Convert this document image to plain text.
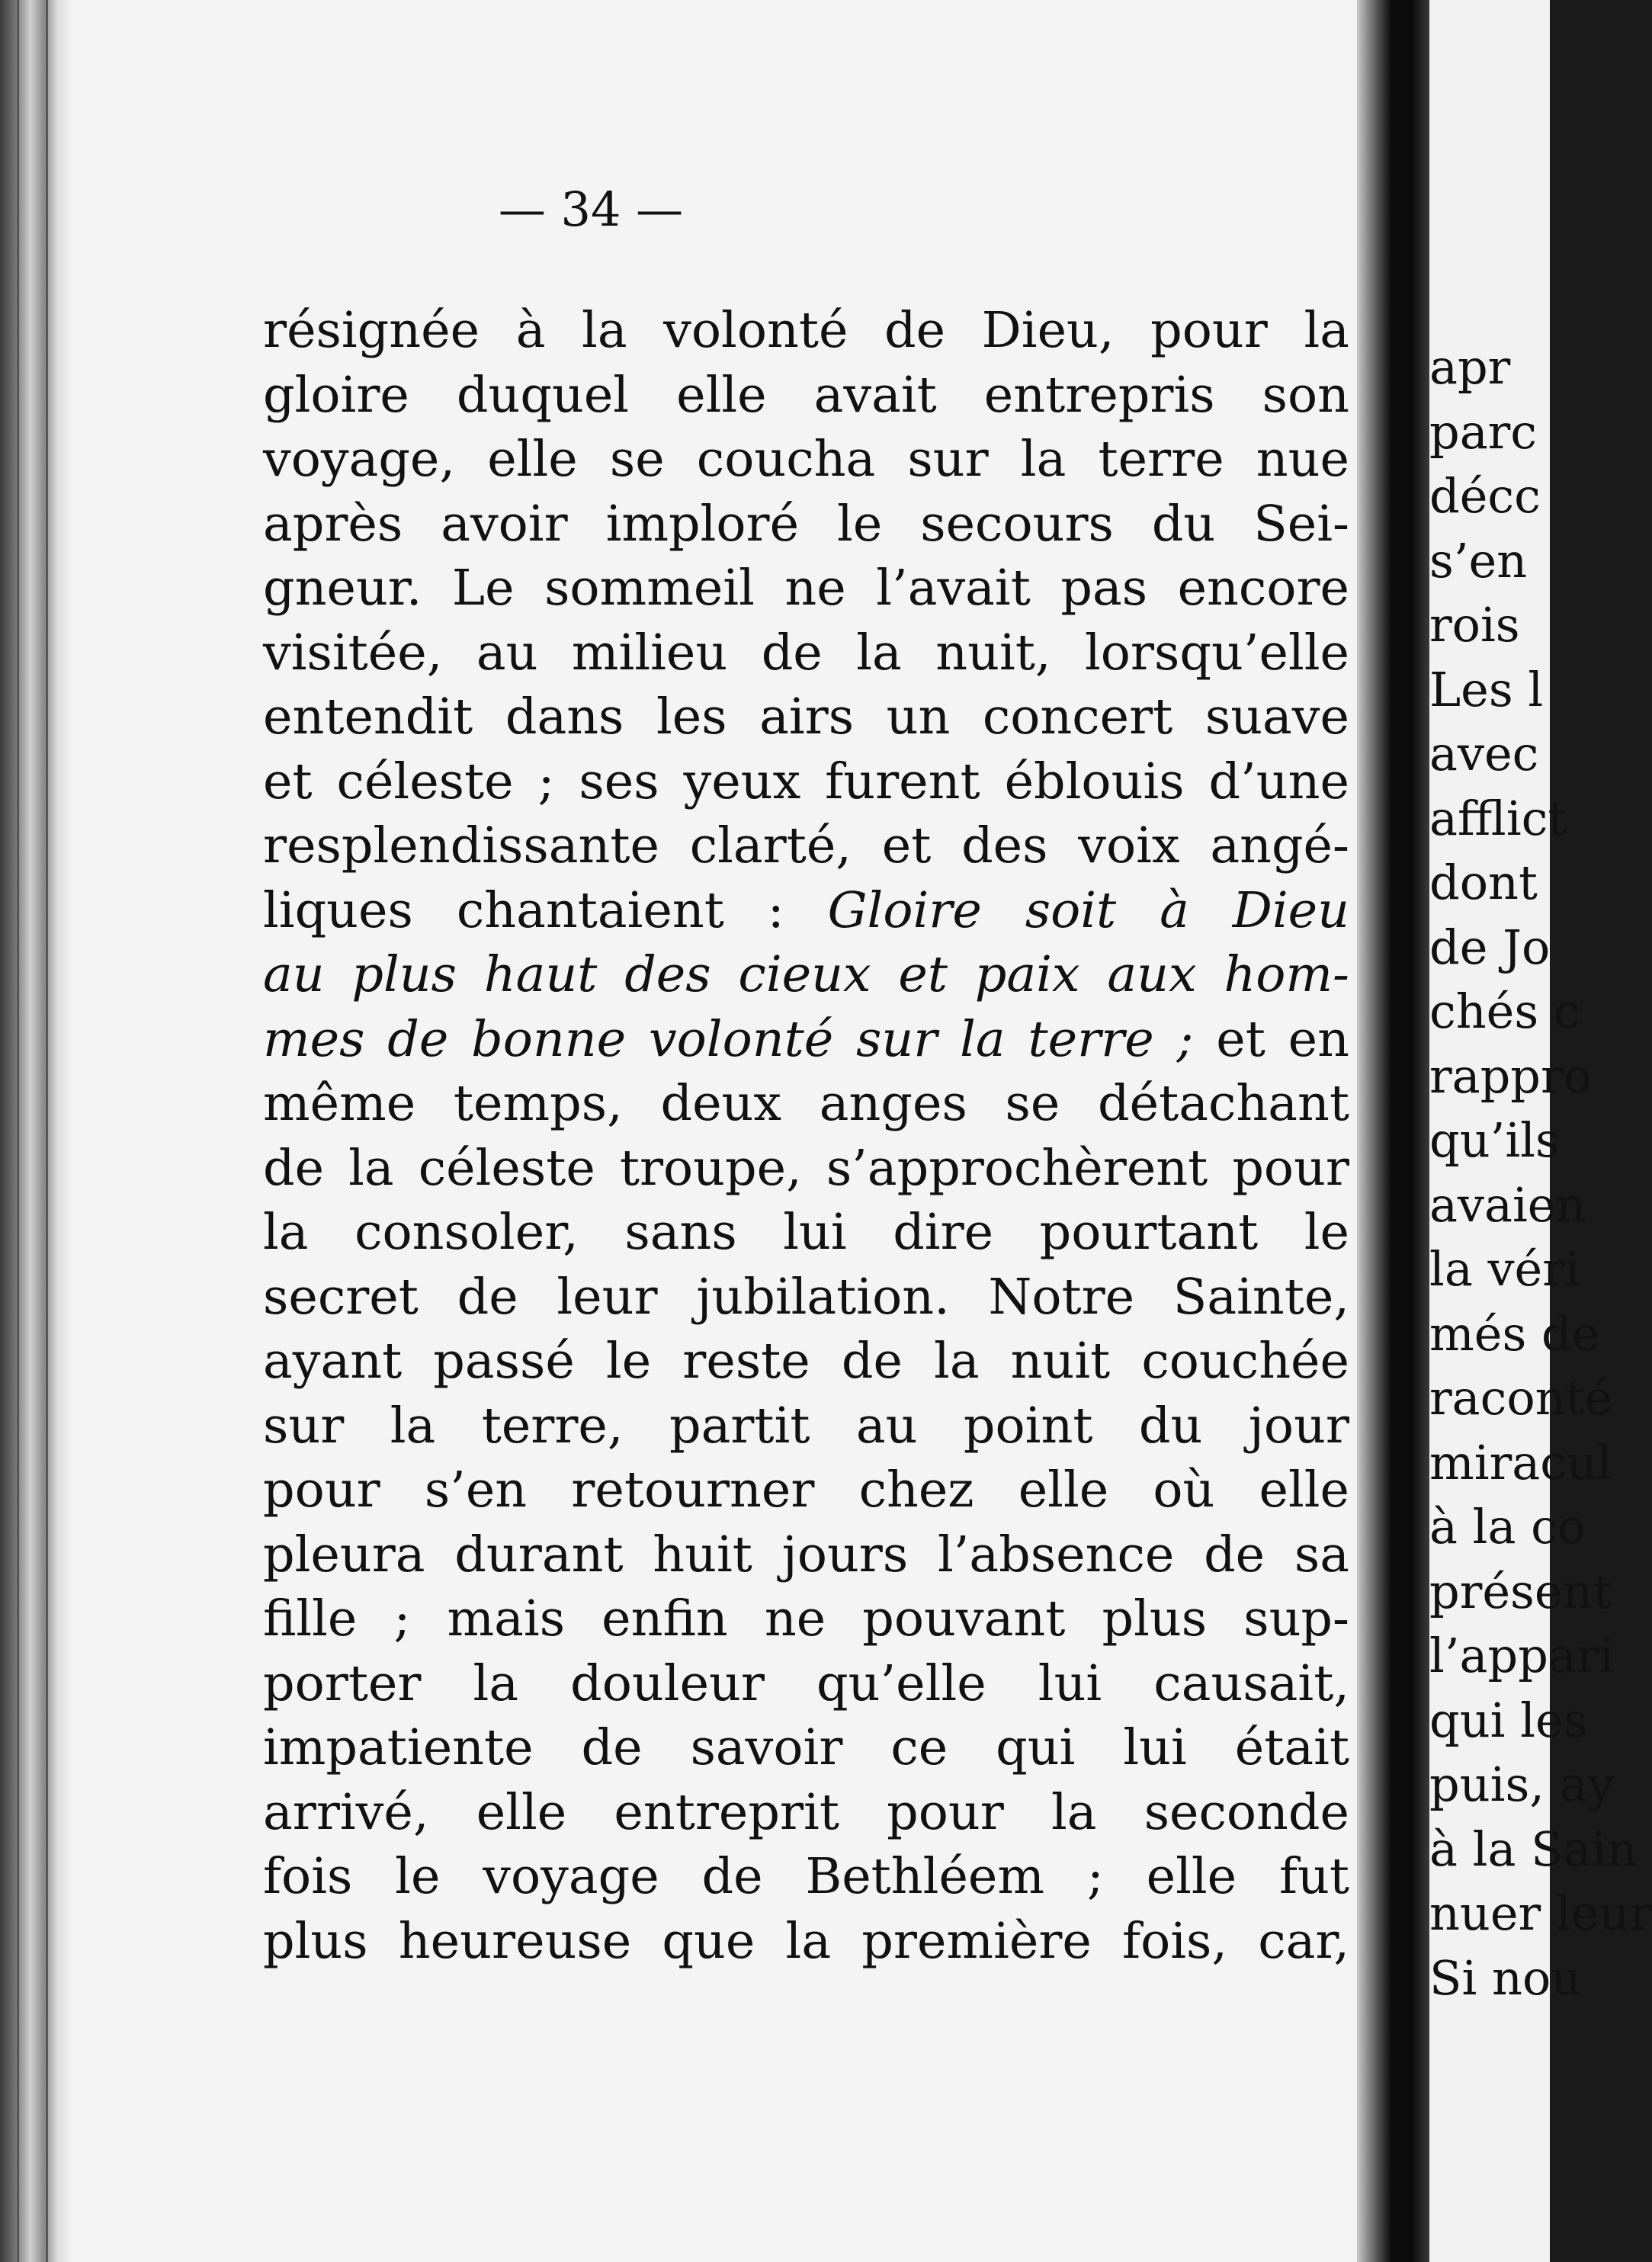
— 34 —
résignée à la volonté de Dieu, pour la
gloire duquel elle avait entrepris son
voyage, elle se coucha sur la terre nue
après avoir imploré le secours du Sei-
gneur. Le sommeil ne l’avait pas encore
visitée, au milieu de la nuit, lorsqu’elle
entendit dans les airs un concert suave
et céleste ; ses yeux furent éblouis d’une
resplendissante clarté, et des voix angé-
liques chantaient : Gloire soit à Dieu
au plus haut des cieux et paix aux hom-
mes de bonne volonté sur la terre ; et en
même temps, deux anges se détachant
de la céleste troupe, s’approchèrent pour
la consoler, sans lui dire pourtant le
secret de leur jubilation. Notre Sainte,
ayant passé le reste de la nuit couchée
sur la terre, partit au point du jour
pour s’en retourner chez elle où elle
pleura durant huit jours l’absence de sa
fille ; mais enfin ne pouvant plus sup-
porter la douleur qu’elle lui causait,
impatiente de savoir ce qui lui était
arrivé, elle entreprit pour la seconde
fois le voyage de Bethléem ; elle fut
plus heureuse que la première fois, car,
apr
parc
décc
s’en
rois
Les l
avec
afflict
dont
de Jo
chés c
rappro
qu’ils
avaien
la véri
més de
raconté
miracul
à la co
présent
l’appari
qui les
puis, ay
à la Sain
nuer leur
Si nou
